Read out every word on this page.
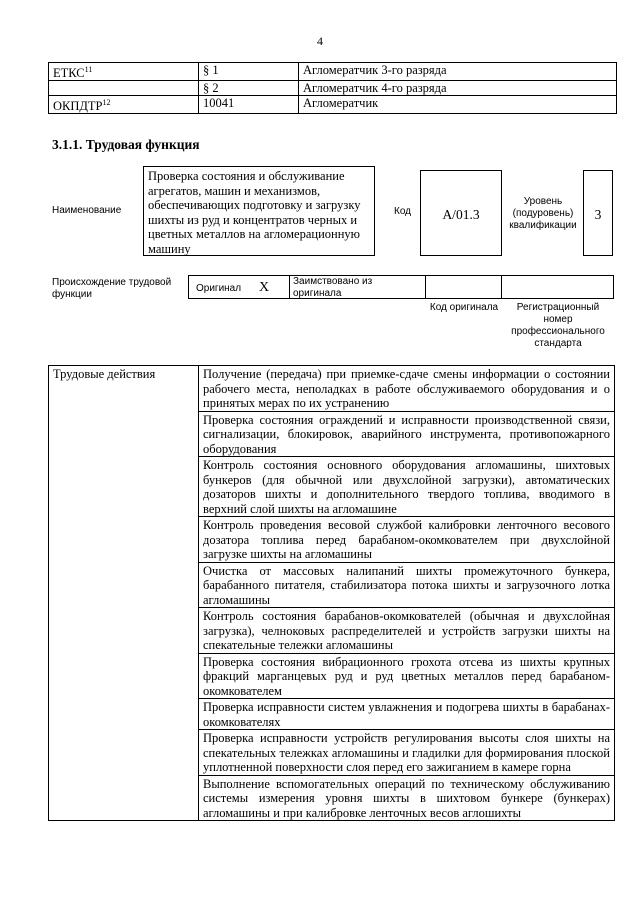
4
ЕТКС$^{11}$	§ 1	Агломератчик 3-го разряда
	§ 2	Агломератчик 4-го разряда
ОКПДТР$^{12}$	10041	Агломератчик
3.1.1. Трудовая функция
Наименование
Проверка состояния и обслуживание агрегатов, машин и механизмов, обеспечивающих подготовку и загрузку шихты из руд и концентратов черных и цветных металлов на агломерационную машину
Код	А/01.3
Уровень (подуровень) квалификации
3
Происхождение трудовой функции
Оригинал X Заимствовано из оригинала
Код оригинала	Регистрационный номер профессионального стандарта
Трудовые действия	Получение (передача) при приемке-сдаче смены информации о состоянии рабочего места, неполадках в работе обслуживаемого оборудования и о принятых мерах по их устранению
Проверка состояния ограждений и исправности производственной связи, сигнализации, блокировок, аварийного инструмента, противопожарного оборудования
Контроль состояния основного оборудования агломашины, шихтовых бункеров (для обычной или двухслойной загрузки), автоматических дозаторов шихты и дополнительного твердого топлива, вводимого в верхний слой шихты на агломашине
Контроль проведения весовой службой калибровки ленточного весового дозатора топлива перед барабаном-окомкователем при двухслойной загрузке шихты на агломашины
Очистка от массовых налипаний шихты промежуточного бункера, барабанного питателя, стабилизатора потока шихты и загрузочного лотка агломашины
Контроль состояния барабанов-окомкователей (обычная и двухслойная загрузка), челноковых распределителей и устройств загрузки шихты на спекательные тележки агломашины
Проверка состояния вибрационного грохота отсева из шихты крупных фракций марганцевых руд и руд цветных металлов перед барабаном-окомкователем
Проверка исправности систем увлажнения и подогрева шихты в барабанах-окомкователях
Проверка исправности устройств регулирования высоты слоя шихты на спекательных тележках агломашины и гладилки для формирования плоской уплотненной поверхности слоя перед его зажиганием в камере горна
Выполнение вспомогательных операций по техническому обслуживанию системы измерения уровня шихты в шихтовом бункере (бункерах) агломашины и при калибровке ленточных весов аглошихты
